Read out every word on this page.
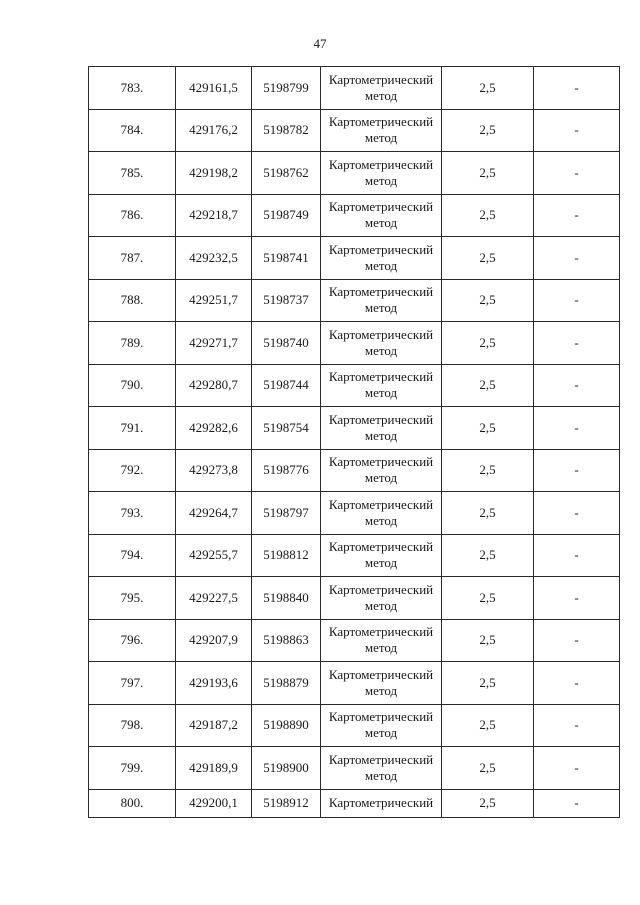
47
783.	429161,5	5198799	Картометрический метод	2,5	-
784.	429176,2	5198782	Картометрический метод	2,5	-
785.	429198,2	5198762	Картометрический метод	2,5	-
786.	429218,7	5198749	Картометрический метод	2,5	-
787.	429232,5	5198741	Картометрический метод	2,5	-
788.	429251,7	5198737	Картометрический метод	2,5	-
789.	429271,7	5198740	Картометрический метод	2,5	-
790.	429280,7	5198744	Картометрический метод	2,5	-
791.	429282,6	5198754	Картометрический метод	2,5	-
792.	429273,8	5198776	Картометрический метод	2,5	-
793.	429264,7	5198797	Картометрический метод	2,5	-
794.	429255,7	5198812	Картометрический метод	2,5	-
795.	429227,5	5198840	Картометрический метод	2,5	-
796.	429207,9	5198863	Картометрический метод	2,5	-
797.	429193,6	5198879	Картометрический метод	2,5	-
798.	429187,2	5198890	Картометрический метод	2,5	-
799.	429189,9	5198900	Картометрический метод	2,5	-
800.	429200,1	5198912	Картометрический	2,5	-
